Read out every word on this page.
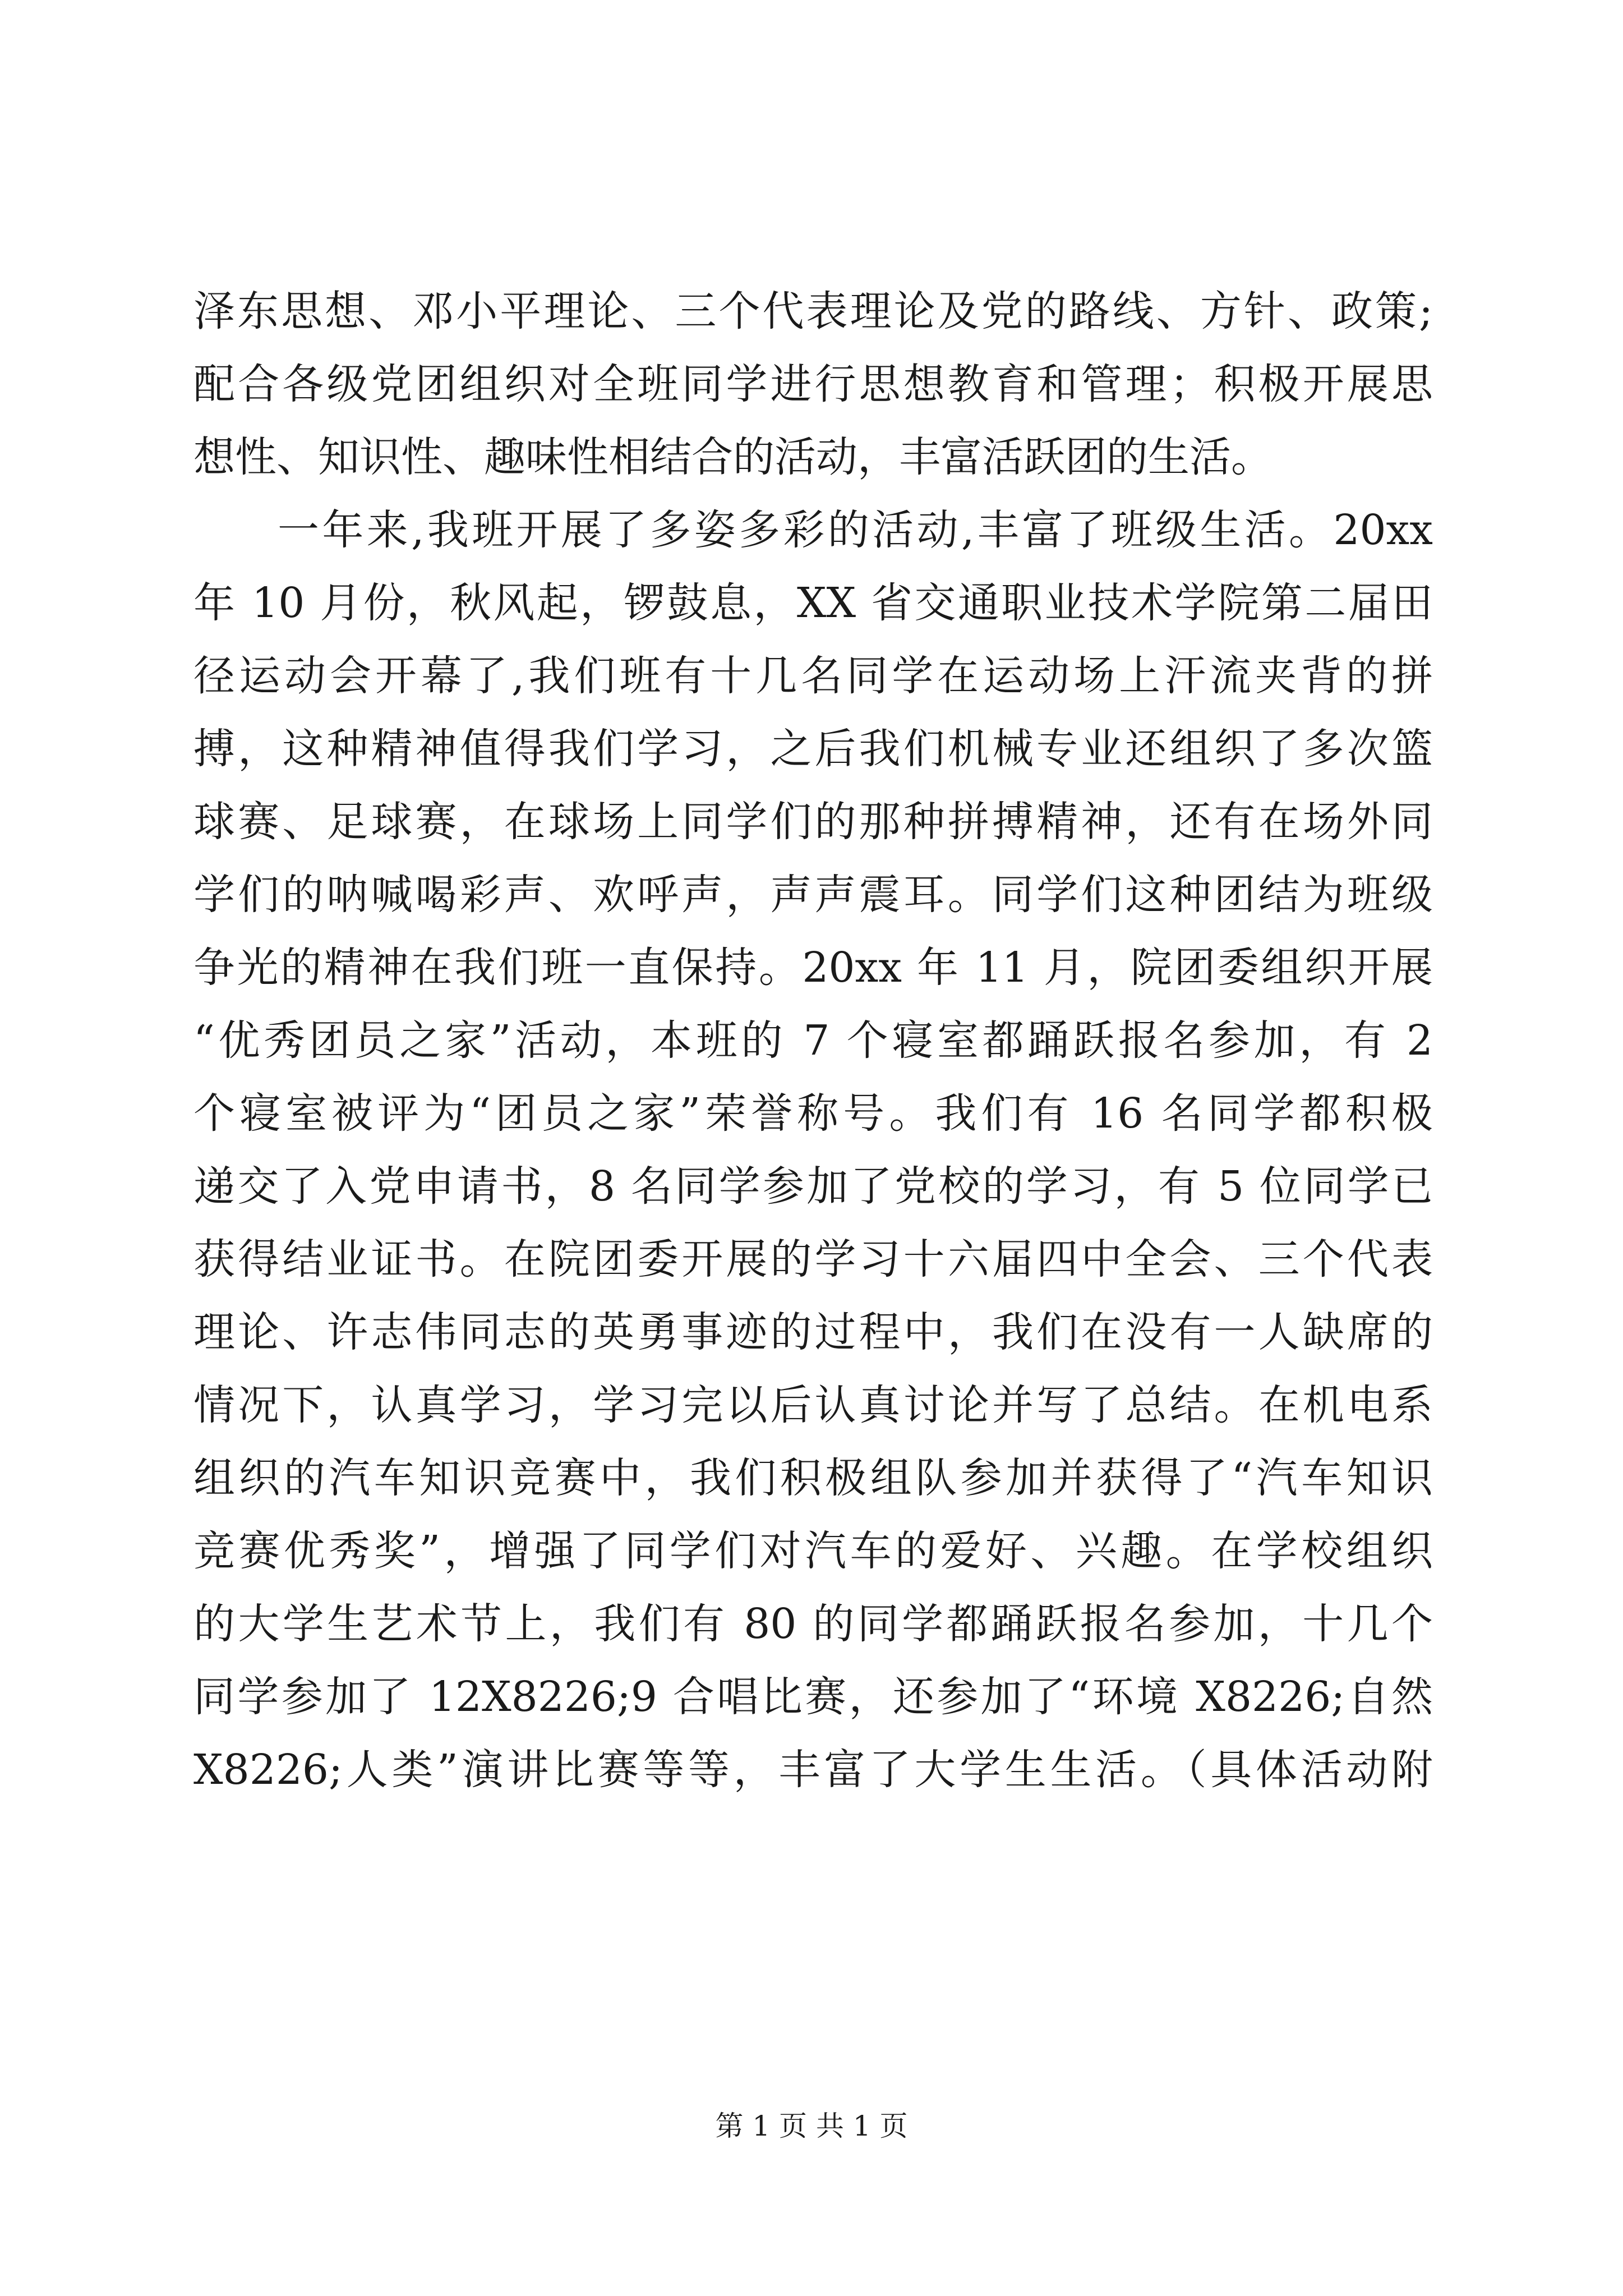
泽东思想、邓小平理论、三个代表理论及党的路线、方针、政策;
配合各级党团组织对全班同学进行思想教育和管理；积极开展思
想性、知识性、趣味性相结合的活动，丰富活跃团的生活。
一年来,我班开展了多姿多彩的活动,丰富了班级生活。20xx
年 10 月份，秋风起，锣鼓息，XX 省交通职业技术学院第二届田
径运动会开幕了,我们班有十几名同学在运动场上汗流夹背的拼
搏，这种精神值得我们学习，之后我们机械专业还组织了多次篮
球赛、足球赛，在球场上同学们的那种拼搏精神，还有在场外同
学们的呐喊喝彩声、欢呼声，声声震耳。同学们这种团结为班级
争光的精神在我们班一直保持。20xx 年 11 月，院团委组织开展
“优秀团员之家”活动，本班的 7 个寝室都踊跃报名参加，有 2
个寝室被评为“团员之家”荣誉称号。我们有 16 名同学都积极
递交了入党申请书，8 名同学参加了党校的学习，有 5 位同学已
获得结业证书。在院团委开展的学习十六届四中全会、三个代表
理论、许志伟同志的英勇事迹的过程中，我们在没有一人缺席的
情况下，认真学习，学习完以后认真讨论并写了总结。在机电系
组织的汽车知识竞赛中，我们积极组队参加并获得了“汽车知识
竞赛优秀奖”，增强了同学们对汽车的爱好、兴趣。在学校组织
的大学生艺术节上，我们有 80 的同学都踊跃报名参加，十几个
同学参加了 12X8226;9 合唱比赛，还参加了“环境 X8226;自然
X8226;人类”演讲比赛等等，丰富了大学生生活。（具体活动附
第 1 页 共 1 页
